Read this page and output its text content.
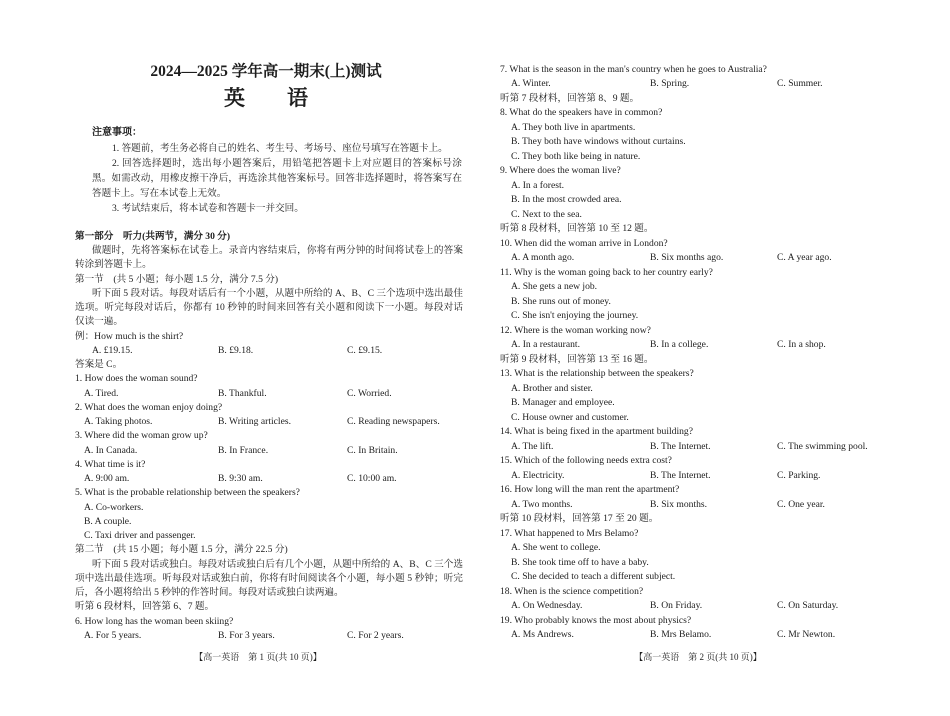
2024—2025 学年高一期末(上)测试
英　　语
注意事项：

1. 答题前，考生务必将自己的姓名、考生号、考场号、座位号填写在答题卡上。

2. 回答选择题时，选出每小题答案后，用铅笔把答题卡上对应题目的答案标号涂黑。如需改动，用橡皮擦干净后，再选涂其他答案标号。回答非选择题时，将答案写在答题卡上。写在本试卷上无效。

3. 考试结束后，将本试卷和答题卡一并交回。

第一部分　听力(共两节，满分 30 分)

做题时，先将答案标在试卷上。录音内容结束后，你将有两分钟的时间将试卷上的答案转涂到答题卡上。

第一节　(共 5 小题；每小题 1.5 分，满分 7.5 分)

听下面 5 段对话。每段对话后有一个小题，从题中所给的 A、B、C 三个选项中选出最佳选项。听完每段对话后，你都有 10 秒钟的时间来回答有关小题和阅读下一小题。每段对话仅读一遍。

例：How much is the shirt?
A. £19.15.	B. £9.18.	C. £9.15.
答案是 C。
1. How does the woman sound?
A. Tired.	B. Thankful.	C. Worried.
2. What does the woman enjoy doing?
A. Taking photos.	B. Writing articles.	C. Reading newspapers.
3. Where did the woman grow up?
A. In Canada.	B. In France.	C. In Britain.
4. What time is it?
A. 9:00 am.	B. 9:30 am.	C. 10:00 am.
5. What is the probable relationship between the speakers?
A. Co-workers.
B. A couple.
C. Taxi driver and passenger.
第二节　(共 15 小题；每小题 1.5 分，满分 22.5 分)

听下面 5 段对话或独白。每段对话或独白后有几个小题，从题中所给的 A、B、C 三个选项中选出最佳选项。听每段对话或独白前，你将有时间阅读各个小题，每小题 5 秒钟；听完后，各小题将给出 5 秒钟的作答时间。每段对话或独白读两遍。

听第 6 段材料，回答第 6、7 题。
6. How long has the woman been skiing?
A. For 5 years.	B. For 3 years.	C. For 2 years.
【高一英语　第 1 页(共 10 页)】
7. What is the season in the man's country when he goes to Australia?
A. Winter.	B. Spring.	C. Summer.
听第 7 段材料，回答第 8、9 题。
8. What do the speakers have in common?
A. They both live in apartments.
B. They both have windows without curtains.
C. They both like being in nature.
9. Where does the woman live?
A. In a forest.
B. In the most crowded area.
C. Next to the sea.
听第 8 段材料，回答第 10 至 12 题。
10. When did the woman arrive in London?
A. A month ago.	B. Six months ago.	C. A year ago.
11. Why is the woman going back to her country early?
A. She gets a new job.
B. She runs out of money.
C. She isn't enjoying the journey.
12. Where is the woman working now?
A. In a restaurant.	B. In a college.	C. In a shop.
听第 9 段材料，回答第 13 至 16 题。
13. What is the relationship between the speakers?
A. Brother and sister.
B. Manager and employee.
C. House owner and customer.
14. What is being fixed in the apartment building?
A. The lift.	B. The Internet.	C. The swimming pool.
15. Which of the following needs extra cost?
A. Electricity.	B. The Internet.	C. Parking.
16. How long will the man rent the apartment?
A. Two months.	B. Six months.	C. One year.
听第 10 段材料，回答第 17 至 20 题。
17. What happened to Mrs Belamo?
A. She went to college.
B. She took time off to have a baby.
C. She decided to teach a different subject.
18. When is the science competition?
A. On Wednesday.	B. On Friday.	C. On Saturday.
19. Who probably knows the most about physics?
A. Ms Andrews.	B. Mrs Belamo.	C. Mr Newton.
【高一英语　第 2 页(共 10 页)】
